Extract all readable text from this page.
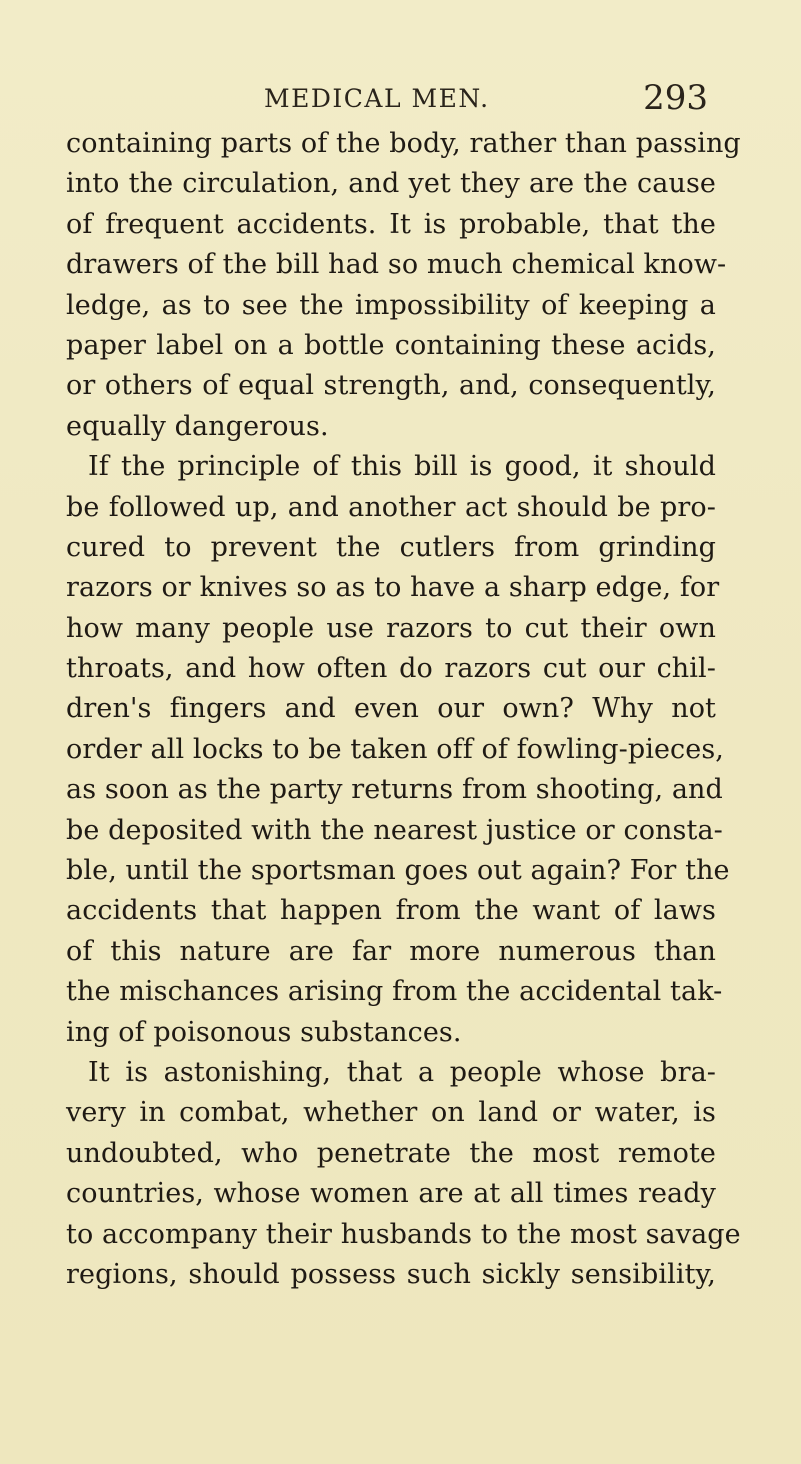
MEDICAL MEN.	293
containing parts of the body, rather than passing
into the circulation, and yet they are the cause
of frequent accidents. It is probable, that the
drawers of the bill had so much chemical know-
ledge, as to see the impossibility of keeping a
paper label on a bottle containing these acids,
or others of equal strength, and, consequently,
equally dangerous.
If the principle of this bill is good, it should
be followed up, and another act should be pro-
cured to prevent the cutlers from grinding
razors or knives so as to have a sharp edge, for
how many people use razors to cut their own
throats, and how often do razors cut our chil-
dren's fingers and even our own? Why not
order all locks to be taken off of fowling-pieces,
as soon as the party returns from shooting, and
be deposited with the nearest justice or consta-
ble, until the sportsman goes out again? For the
accidents that happen from the want of laws
of this nature are far more numerous than
the mischances arising from the accidental tak-
ing of poisonous substances.
It is astonishing, that a people whose bra-
very in combat, whether on land or water, is
undoubted, who penetrate the most remote
countries, whose women are at all times ready
to accompany their husbands to the most savage
regions, should possess such sickly sensibility,
